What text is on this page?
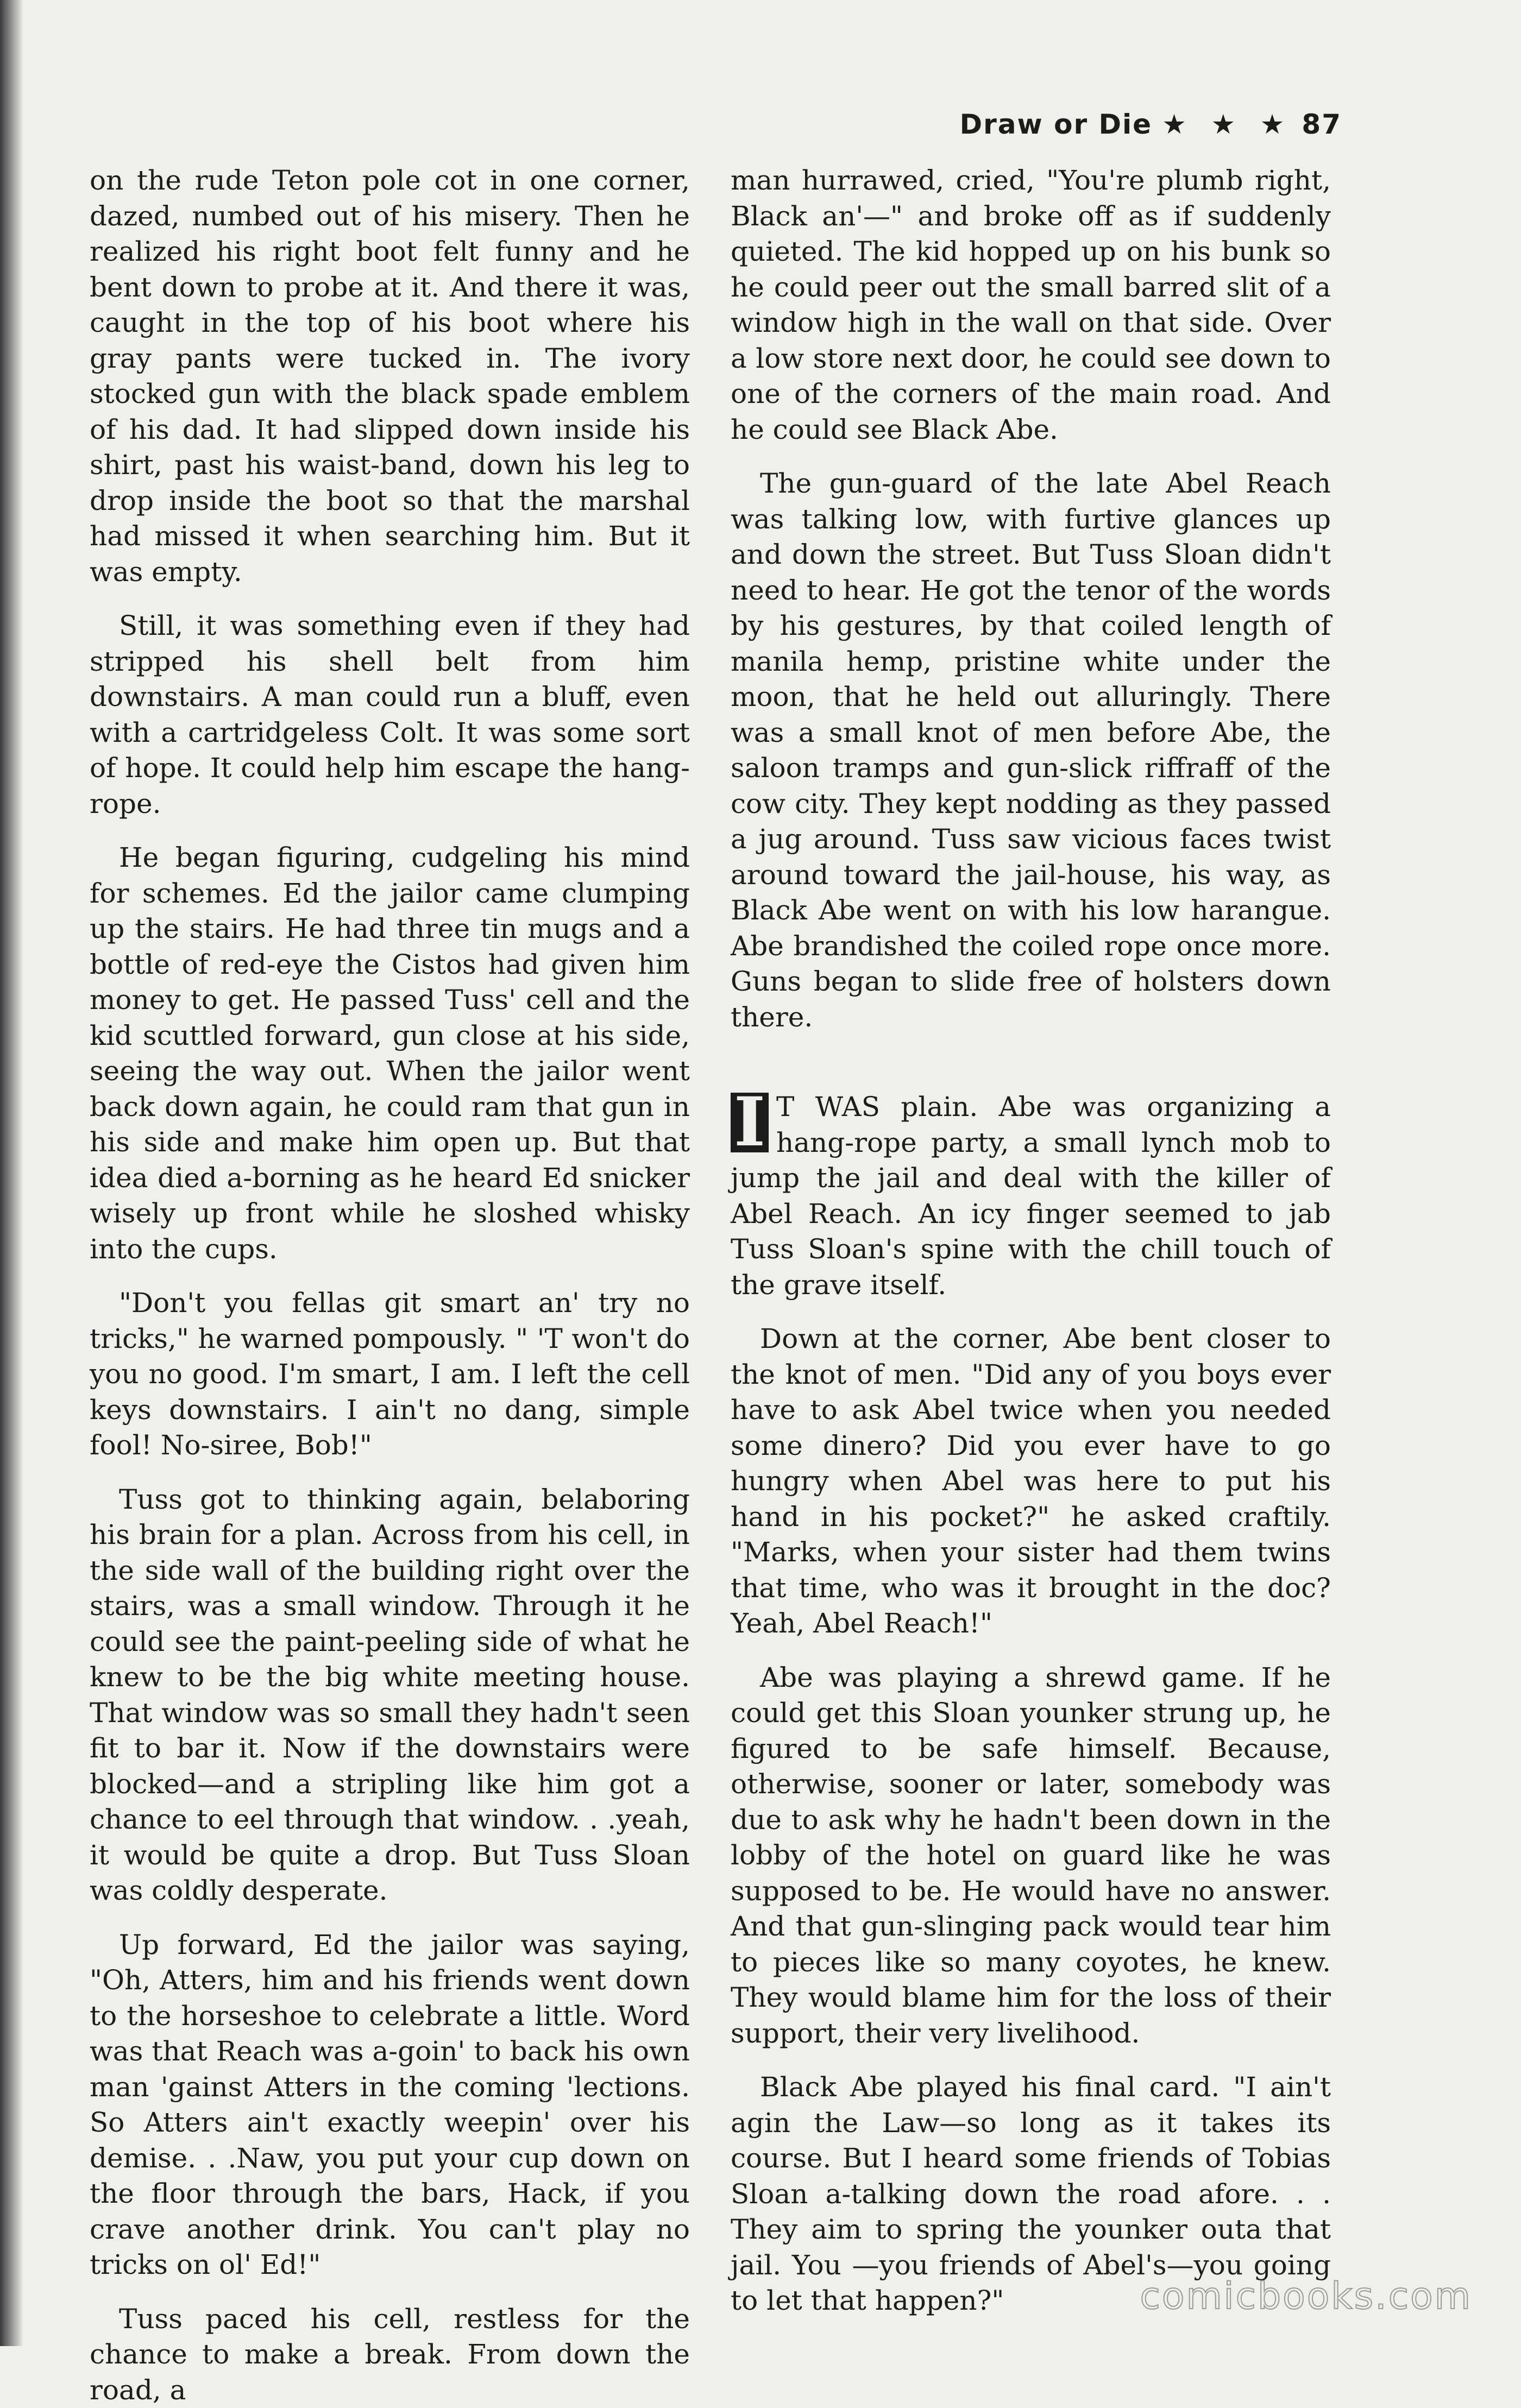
Draw or Die ★ ★ ★ 87

on the rude Teton pole cot in one corner, dazed, numbed out of his misery. Then he realized his right boot felt funny and he bent down to probe at it. And there it was, caught in the top of his boot where his gray pants were tucked in. The ivory stocked gun with the black spade emblem of his dad. It had slipped down inside his shirt, past his waist-band, down his leg to drop inside the boot so that the marshal had missed it when searching him. But it was empty.

Still, it was something even if they had stripped his shell belt from him downstairs. A man could run a bluff, even with a cartridgeless Colt. It was some sort of hope. It could help him escape the hang-rope.

He began figuring, cudgeling his mind for schemes. Ed the jailor came clumping up the stairs. He had three tin mugs and a bottle of red-eye the Cistos had given him money to get. He passed Tuss' cell and the kid scuttled forward, gun close at his side, seeing the way out. When the jailor went back down again, he could ram that gun in his side and make him open up. But that idea died a-borning as he heard Ed snicker wisely up front while he sloshed whisky into the cups.

"Don't you fellas git smart an' try no tricks," he warned pompously. " 'T won't do you no good. I'm smart, I am. I left the cell keys downstairs. I ain't no dang, simple fool! No-siree, Bob!"

Tuss got to thinking again, belaboring his brain for a plan. Across from his cell, in the side wall of the building right over the stairs, was a small window. Through it he could see the paint-peeling side of what he knew to be the big white meeting house. That window was so small they hadn't seen fit to bar it. Now if the downstairs were blocked—and a stripling like him got a chance to eel through that window. . .yeah, it would be quite a drop. But Tuss Sloan was coldly desperate.

Up forward, Ed the jailor was saying, "Oh, Atters, him and his friends went down to the horseshoe to celebrate a little. Word was that Reach was a-goin' to back his own man 'gainst Atters in the coming 'lections. So Atters ain't exactly weepin' over his demise. . .Naw, you put your cup down on the floor through the bars, Hack, if you crave another drink. You can't play no tricks on ol' Ed!"

Tuss paced his cell, restless for the chance to make a break. From down the road, a

man hurrawed, cried, "You're plumb right, Black an'—" and broke off as if suddenly quieted. The kid hopped up on his bunk so he could peer out the small barred slit of a window high in the wall on that side. Over a low store next door, he could see down to one of the corners of the main road. And he could see Black Abe.

The gun-guard of the late Abel Reach was talking low, with furtive glances up and down the street. But Tuss Sloan didn't need to hear. He got the tenor of the words by his gestures, by that coiled length of manila hemp, pristine white under the moon, that he held out alluringly. There was a small knot of men before Abe, the saloon tramps and gun-slick riffraff of the cow city. They kept nodding as they passed a jug around. Tuss saw vicious faces twist around toward the jail-house, his way, as Black Abe went on with his low harangue. Abe brandished the coiled rope once more. Guns began to slide free of holsters down there.

I T WAS plain. Abe was organizing a hang-rope party, a small lynch mob to jump the jail and deal with the killer of Abel Reach. An icy finger seemed to jab Tuss Sloan's spine with the chill touch of the grave itself.

Down at the corner, Abe bent closer to the knot of men. "Did any of you boys ever have to ask Abel twice when you needed some dinero? Did you ever have to go hungry when Abel was here to put his hand in his pocket?" he asked craftily. "Marks, when your sister had them twins that time, who was it brought in the doc? Yeah, Abel Reach!"

Abe was playing a shrewd game. If he could get this Sloan younker strung up, he figured to be safe himself. Because, otherwise, sooner or later, somebody was due to ask why he hadn't been down in the lobby of the hotel on guard like he was supposed to be. He would have no answer. And that gun-slinging pack would tear him to pieces like so many coyotes, he knew. They would blame him for the loss of their support, their very livelihood.

Black Abe played his final card. "I ain't agin the Law—so long as it takes its course. But I heard some friends of Tobias Sloan a-talking down the road afore. . . They aim to spring the younker outa that jail. You —you friends of Abel's—you going to let that happen?"	comicbooks.com
